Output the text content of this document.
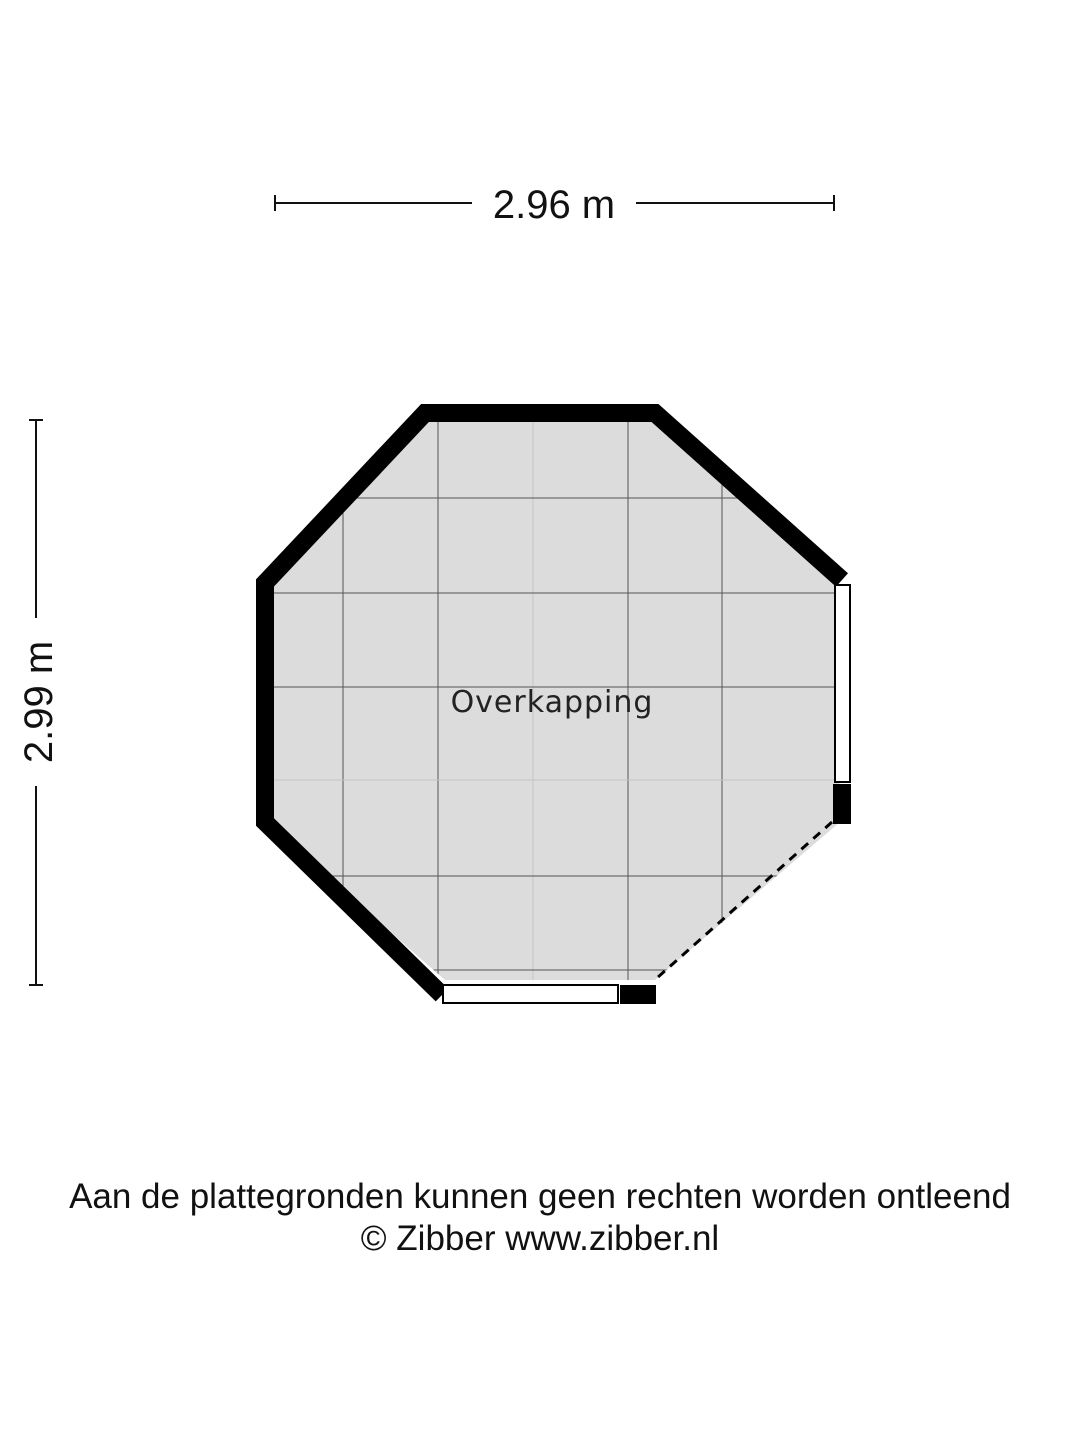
2.96 m
2.99 m	Overkapping
Aan de plattegronden kunnen geen rechten worden ontleend
© Zibber www.zibber.nl
